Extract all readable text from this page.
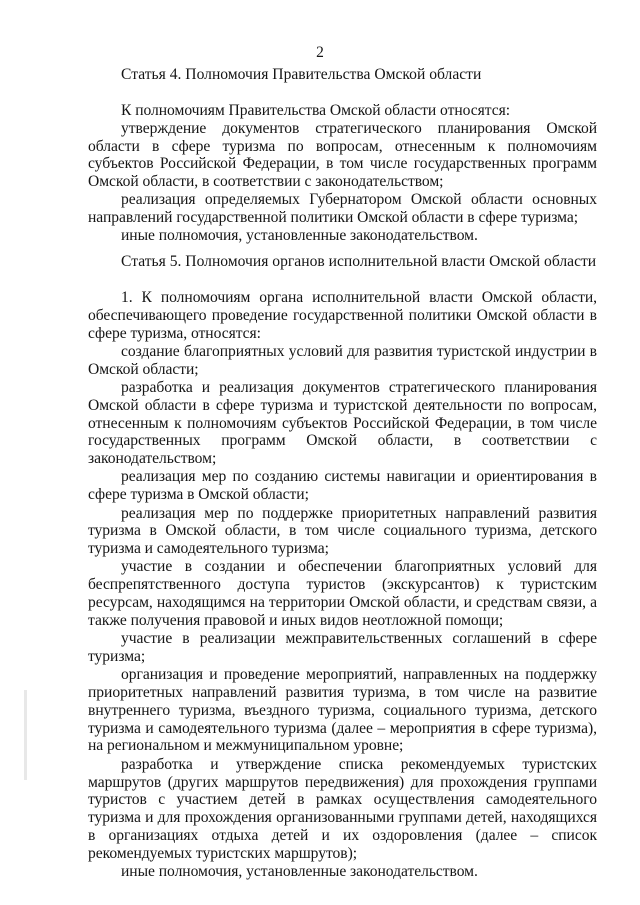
2
Статья 4. Полномочия Правительства Омской области

К полномочиям Правительства Омской области относятся:

утверждение документов стратегического планирования Омской области в сфере туризма по вопросам, отнесенным к полномочиям субъектов Российской Федерации, в том числе государственных программ Омской области, в соответствии с законодательством;

реализация определяемых Губернатором Омской области основных направлений государственной политики Омской области в сфере туризма;

иные полномочия, установленные законодательством.

Статья 5. Полномочия органов исполнительной власти Омской области

1. К полномочиям органа исполнительной власти Омской области, обеспечивающего проведение государственной политики Омской области в сфере туризма, относятся:

создание благоприятных условий для развития туристской индустрии в Омской области;

разработка и реализация документов стратегического планирования Омской области в сфере туризма и туристской деятельности по вопросам, отнесенным к полномочиям субъектов Российской Федерации, в том числе государственных программ Омской области, в соответствии с законодательством;

реализация мер по созданию системы навигации и ориентирования в сфере туризма в Омской области;

реализация мер по поддержке приоритетных направлений развития туризма в Омской области, в том числе социального туризма, детского туризма и самодеятельного туризма;

участие в создании и обеспечении благоприятных условий для беспрепятственного доступа туристов (экскурсантов) к туристским ресурсам, находящимся на территории Омской области, и средствам связи, а также получения правовой и иных видов неотложной помощи;

участие в реализации межправительственных соглашений в сфере туризма;

организация и проведение мероприятий, направленных на поддержку приоритетных направлений развития туризма, в том числе на развитие внутреннего туризма, въездного туризма, социального туризма, детского туризма и самодеятельного туризма (далее – мероприятия в сфере туризма), на региональном и межмуниципальном уровне;

разработка и утверждение списка рекомендуемых туристских маршрутов (других маршрутов передвижения) для прохождения группами туристов с участием детей в рамках осуществления самодеятельного туризма и для прохождения организованными группами детей, находящихся в организациях отдыха детей и их оздоровления (далее – список рекомендуемых туристских маршрутов);

иные полномочия, установленные законодательством.
